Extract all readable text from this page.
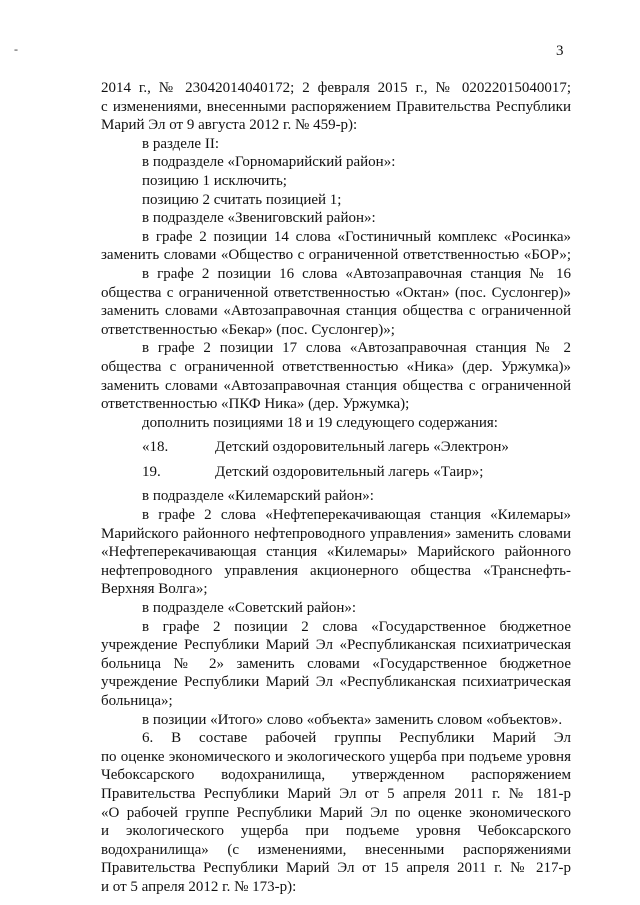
-	3
2014 г., № 23042014040172; 2 февраля 2015 г., № 02022015040017;
с изменениями, внесенными распоряжением Правительства Республики
Марий Эл от 9 августа 2012 г. № 459-р):
в разделе II:
в подразделе «Горномарийский район»:
позицию 1 исключить;
позицию 2 считать позицией 1;
в подразделе «Звениговский район»:
в графе 2 позиции 14 слова «Гостиничный комплекс «Росинка»
заменить словами «Общество с ограниченной ответственностью «БОР»;
в графе 2 позиции 16 слова «Автозаправочная станция № 16
общества с ограниченной ответственностью «Октан» (пос. Суслонгер)»
заменить словами «Автозаправочная станция общества с ограниченной
ответственностью «Бекар» (пос. Суслонгер)»;
в графе 2 позиции 17 слова «Автозаправочная станция № 2
общества с ограниченной ответственностью «Ника» (дер. Уржумка)»
заменить словами «Автозаправочная станция общества с ограниченной
ответственностью «ПКФ Ника» (дер. Уржумка);
дополнить позициями 18 и 19 следующего содержания:
«18.	Детский оздоровительный лагерь «Электрон»
19.	Детский оздоровительный лагерь «Таир»;
в подразделе «Килемарский район»:
в графе 2 слова «Нефтеперекачивающая станция «Килемары»
Марийского районного нефтепроводного управления» заменить словами
«Нефтеперекачивающая станция «Килемары» Марийского районного
нефтепроводного управления акционерного общества «Транснефть-
Верхняя Волга»;
в подразделе «Советский район»:
в графе 2 позиции 2 слова «Государственное бюджетное
учреждение Республики Марий Эл «Республиканская психиатрическая
больница № 2» заменить словами «Государственное бюджетное
учреждение Республики Марий Эл «Республиканская психиатрическая
больница»;
в позиции «Итого» слово «объекта» заменить словом «объектов».
6. В составе рабочей группы Республики Марий Эл
по оценке экономического и экологического ущерба при подъеме уровня
Чебоксарского водохранилища, утвержденном распоряжением
Правительства Республики Марий Эл от 5 апреля 2011 г. № 181-р
«О рабочей группе Республики Марий Эл по оценке экономического
и экологического ущерба при подъеме уровня Чебоксарского
водохранилища» (с изменениями, внесенными распоряжениями
Правительства Республики Марий Эл от 15 апреля 2011 г. № 217-р
и от 5 апреля 2012 г. № 173-р):
